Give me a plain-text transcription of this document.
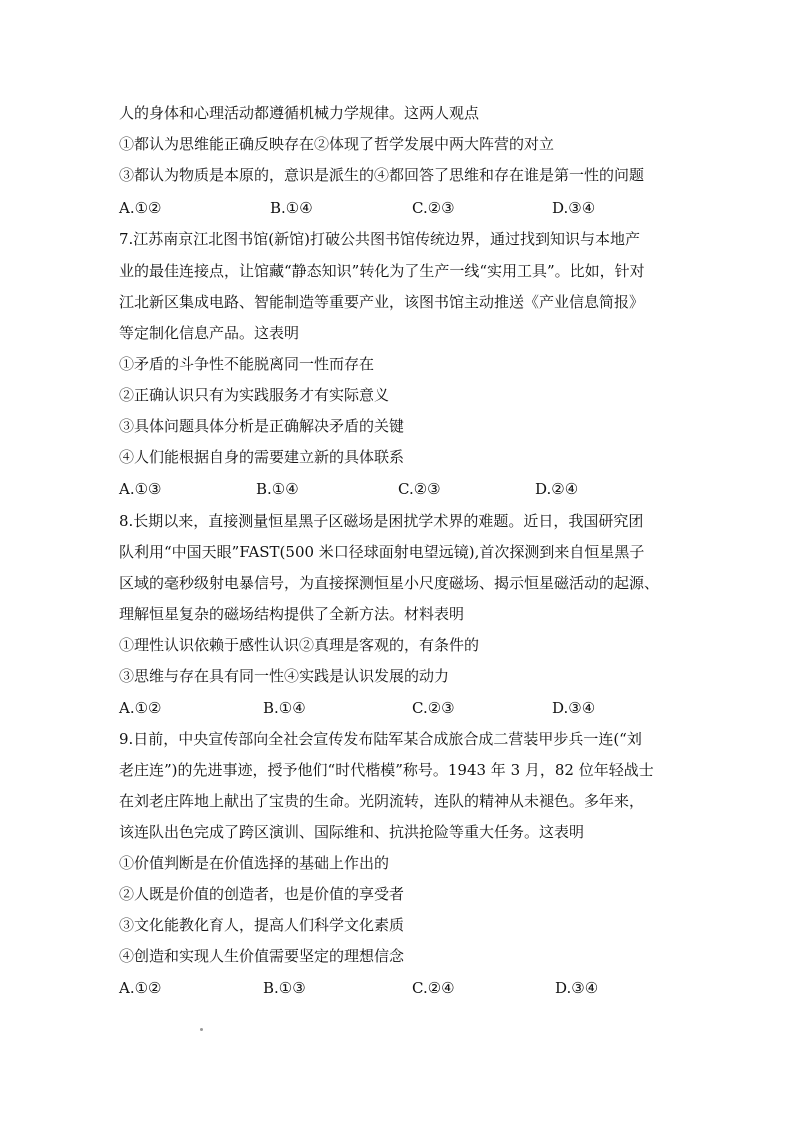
人的身体和心理活动都遵循机械力学规律。这两人观点
①都认为思维能正确反映存在②体现了哲学发展中两大阵营的对立
③都认为物质是本原的，意识是派生的④都回答了思维和存在谁是第一性的问题
A.①②	B.①④	C.②③	D.③④
7.江苏南京江北图书馆(新馆)打破公共图书馆传统边界，通过找到知识与本地产
业的最佳连接点，让馆藏“静态知识”转化为了生产一线“实用工具”。比如，针对
江北新区集成电路、智能制造等重要产业，该图书馆主动推送《产业信息简报》
等定制化信息产品。这表明
①矛盾的斗争性不能脱离同一性而存在
②正确认识只有为实践服务才有实际意义
③具体问题具体分析是正确解决矛盾的关键
④人们能根据自身的需要建立新的具体联系
A.①③	B.①④	C.②③	D.②④
8.长期以来，直接测量恒星黑子区磁场是困扰学术界的难题。近日，我国研究团
队利用“中国天眼”FAST(500 米口径球面射电望远镜),首次探测到来自恒星黑子
区域的毫秒级射电暴信号，为直接探测恒星小尺度磁场、揭示恒星磁活动的起源、
理解恒星复杂的磁场结构提供了全新方法。材料表明
①理性认识依赖于感性认识②真理是客观的，有条件的
③思维与存在具有同一性④实践是认识发展的动力
A.①②	B.①④	C.②③	D.③④
9.日前，中央宣传部向全社会宣传发布陆军某合成旅合成二营装甲步兵一连(“刘
老庄连”)的先进事迹，授予他们“时代楷模”称号。1943 年 3 月，82 位年轻战士
在刘老庄阵地上献出了宝贵的生命。光阴流转，连队的精神从未褪色。多年来，
该连队出色完成了跨区演训、国际维和、抗洪抢险等重大任务。这表明
①价值判断是在价值选择的基础上作出的
②人既是价值的创造者，也是价值的享受者
③文化能教化育人，提高人们科学文化素质
④创造和实现人生价值需要坚定的理想信念
A.①②	B.①③	C.②④	D.③④
